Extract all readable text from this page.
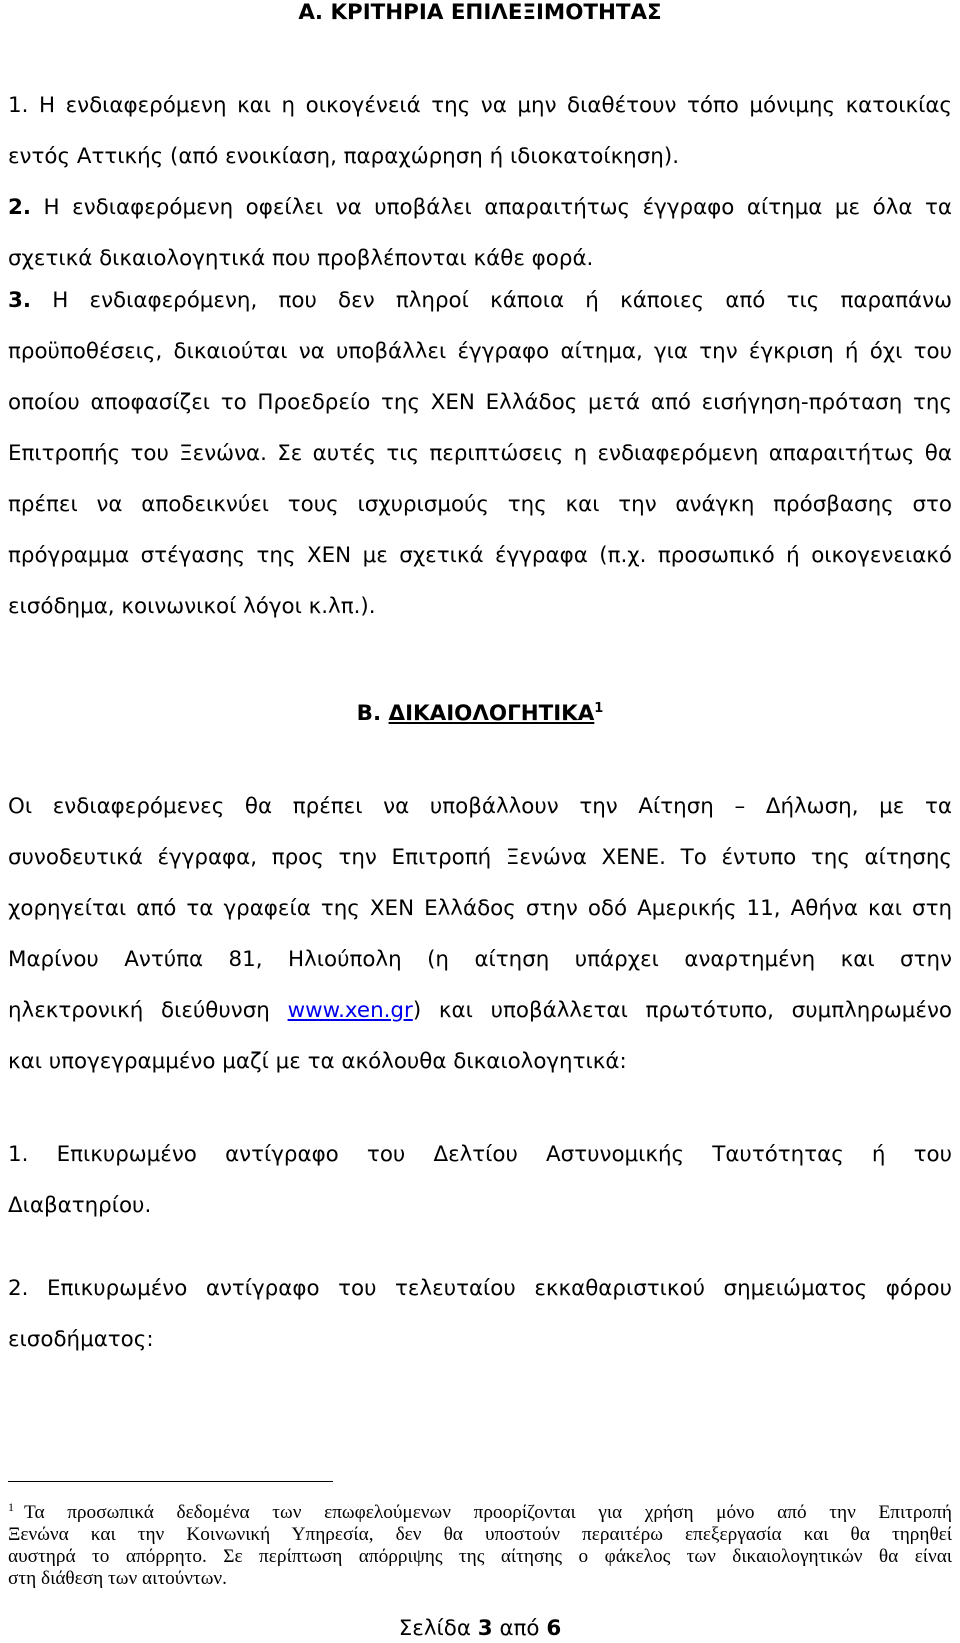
Α. ΚΡΙΤΗΡΙΑ ΕΠΙΛΕΞΙΜΟΤΗΤΑΣ
1. Η ενδιαφερόμενη και η οικογένειά της να μην διαθέτουν τόπο μόνιμης κατοικίας
εντός Αττικής (από ενοικίαση, παραχώρηση ή ιδιοκατοίκηση).
2. Η ενδιαφερόμενη οφείλει να υποβάλει απαραιτήτως έγγραφο αίτημα με όλα τα
σχετικά δικαιολογητικά που προβλέπονται κάθε φορά.
3. Η ενδιαφερόμενη, που δεν πληροί κάποια ή κάποιες από τις παραπάνω
προϋποθέσεις, δικαιούται να υποβάλλει έγγραφο αίτημα, για την έγκριση ή όχι του
οποίου αποφασίζει το Προεδρείο της ΧΕΝ Ελλάδος μετά από εισήγηση-πρόταση της
Επιτροπής του Ξενώνα. Σε αυτές τις περιπτώσεις η ενδιαφερόμενη απαραιτήτως θα
πρέπει να αποδεικνύει τους ισχυρισμούς της και την ανάγκη πρόσβασης στο
πρόγραμμα στέγασης της ΧΕΝ με σχετικά έγγραφα (π.χ. προσωπικό ή οικογενειακό
εισόδημα, κοινωνικοί λόγοι κ.λπ.).
Β. ΔΙΚΑΙΟΛΟΓΗΤΙΚΑ$^1$
Οι ενδιαφερόμενες θα πρέπει να υποβάλλουν την Αίτηση – Δήλωση, με τα
συνοδευτικά έγγραφα, προς την Επιτροπή Ξενώνα ΧΕΝΕ. Το έντυπο της αίτησης
χορηγείται από τα γραφεία της ΧΕΝ Ελλάδος στην οδό Αμερικής 11, Αθήνα και στη
Μαρίνου Αντύπα 81, Ηλιούπολη (η αίτηση υπάρχει αναρτημένη και στην
ηλεκτρονική διεύθυνση www.xen.gr) και υποβάλλεται πρωτότυπο, συμπληρωμένο
και υπογεγραμμένο μαζί με τα ακόλουθα δικαιολογητικά:
1. Επικυρωμένο αντίγραφο του Δελτίου Αστυνομικής Ταυτότητας ή του
Διαβατηρίου.
2. Επικυρωμένο αντίγραφο του τελευταίου εκκαθαριστικού σημειώματος φόρου
εισοδήματος:
$^1$ Τα προσωπικά δεδομένα των επωφελούμενων προορίζονται για χρήση μόνο από την Επιτροπή
Ξενώνα και την Κοινωνική Υπηρεσία, δεν θα υποστούν περαιτέρω επεξεργασία και θα τηρηθεί
αυστηρά το απόρρητο. Σε περίπτωση απόρριψης της αίτησης ο φάκελος των δικαιολογητικών θα είναι
στη διάθεση των αιτούντων.
Σελίδα 3 από 6
